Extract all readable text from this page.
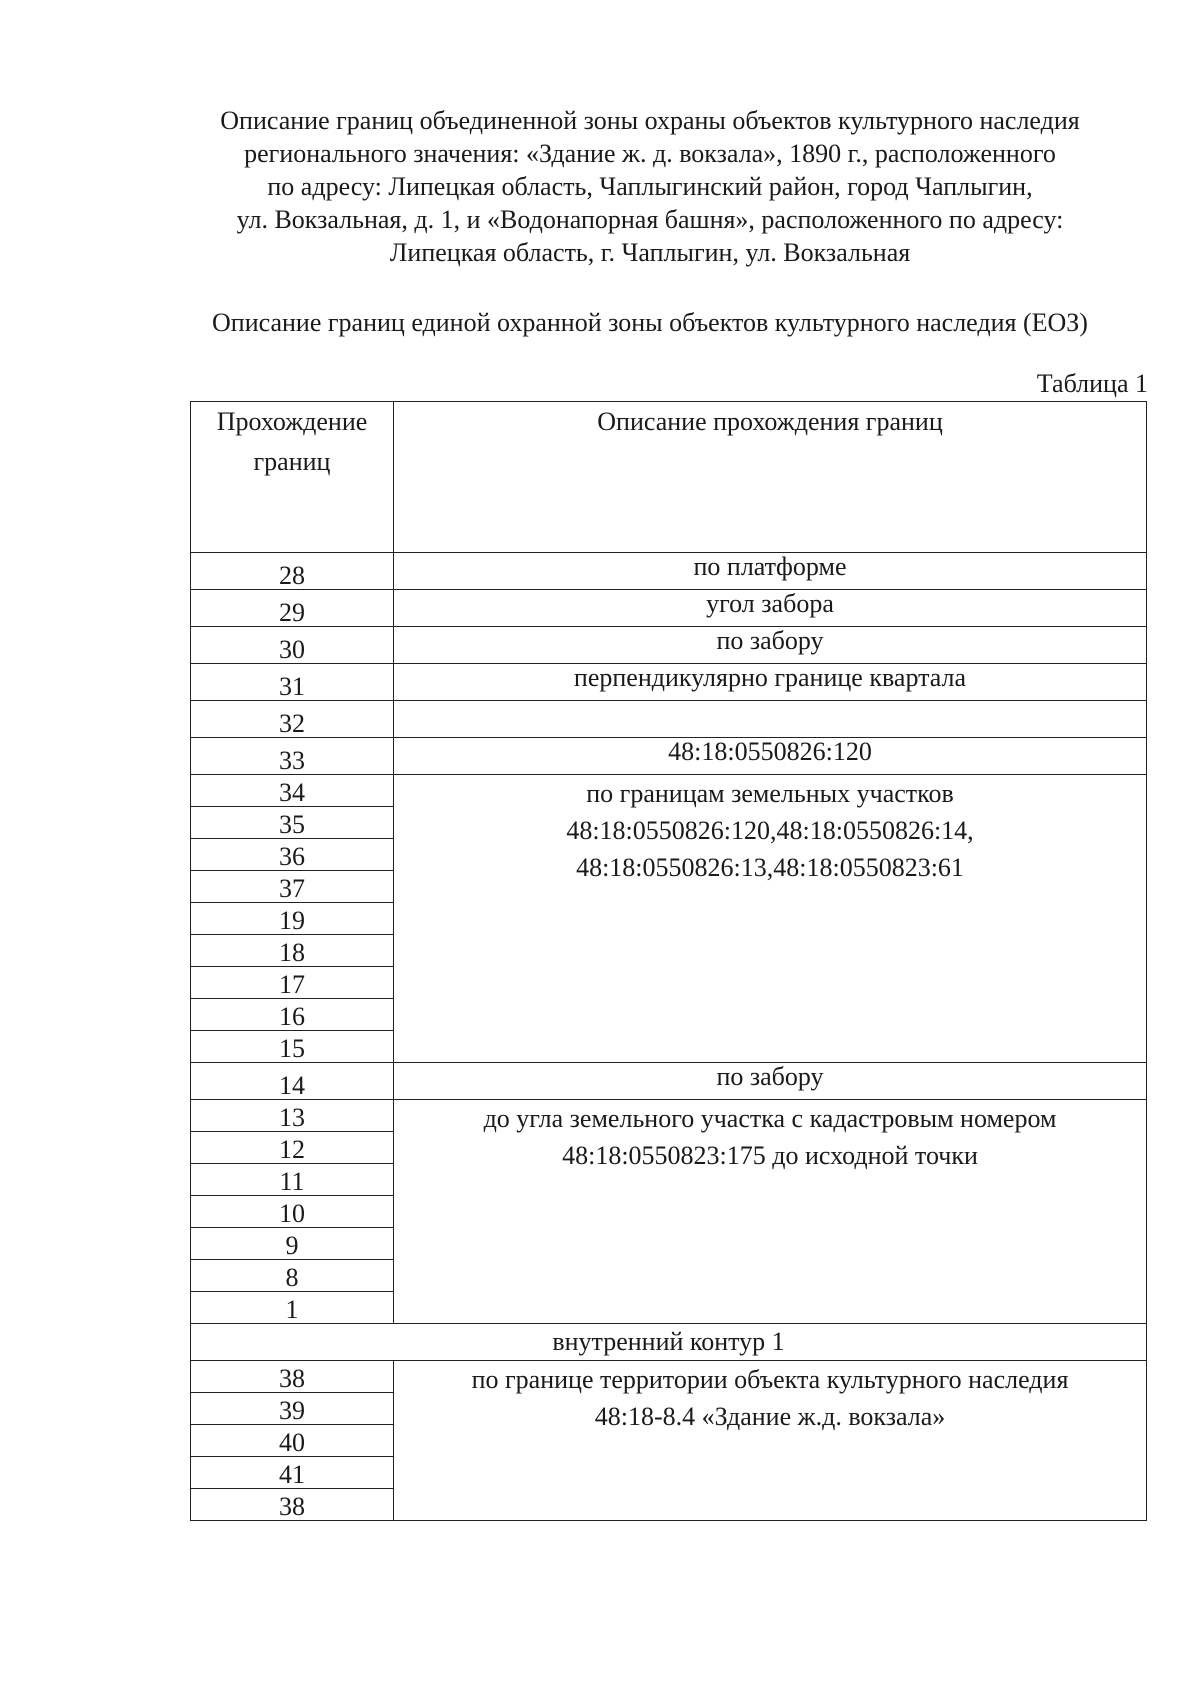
Описание границ объединенной зоны охраны объектов культурного наследия
регионального значения: «Здание ж. д. вокзала», 1890 г., расположенного
по адресу: Липецкая область, Чаплыгинский район, город Чаплыгин,
ул. Вокзальная, д. 1, и «Водонапорная башня», расположенного по адресу:
Липецкая область, г. Чаплыгин, ул. Вокзальная
Описание границ единой охранной зоны объектов культурного наследия (ЕОЗ)
Таблица 1
Прохождение границ	Описание прохождения границ
28	по платформе
29	угол забора
30	по забору
31	перпендикулярно границе квартала
32	
33	48:18:0550826:120
34	по границам земельных участков
48:18:0550826:120,48:18:0550826:14,
48:18:0550826:13,48:18:0550823:61

35	
36	
37	
19	
18	
17	
16	
15	
14	по забору
13	до угла земельного участка с кадастровым номером
48:18:0550823:175 до исходной точки

12	
11	
10	
9	
8	
1	
внутренний контур 1	
38	по границе территории объекта культурного наследия
48:18-8.4 «Здание ж.д. вокзала»

39	
40	
41	
38	
